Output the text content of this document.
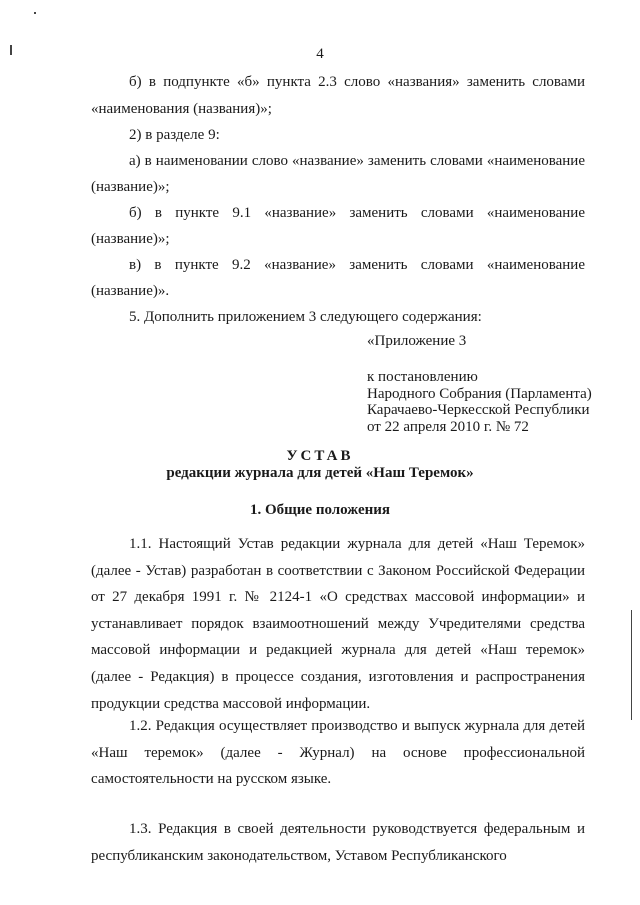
4

б) в подпункте «б» пункта 2.3 слово «названия» заменить словами

«наименования (названия)»;

2) в разделе 9:

а) в наименовании слово «название» заменить словами «наименование

(название)»;

б) в пункте 9.1 «название» заменить словами «наименование

(название)»;

в) в пункте 9.2 «название» заменить словами «наименование

(название)».

5. Дополнить приложением 3 следующего содержания:

«Приложение 3

к постановлению
Народного Собрания (Парламента)
Карачаево-Черкесской Республики
от 22 апреля 2010 г. № 72

УСТАВ

редакции журнала для детей «Наш Теремок»

1. Общие положения

1.1. Настоящий Устав редакции журнала для детей «Наш Теремок» (далее - Устав) разработан в соответствии с Законом Российской Федерации от 27 декабря 1991 г. № 2124-1 «О средствах массовой информации» и устанавливает порядок взаимоотношений между Учредителями средства массовой информации и редакцией журнала для детей «Наш теремок» (далее - Редакция) в процессе создания, изготовления и распространения продукции средства массовой информации.

1.2. Редакция осуществляет производство и выпуск журнала для детей «Наш теремок» (далее - Журнал) на основе профессиональной самостоятельности на русском языке.

1.3. Редакция в своей деятельности руководствуется федеральным и республиканским законодательством, Уставом Республиканского
